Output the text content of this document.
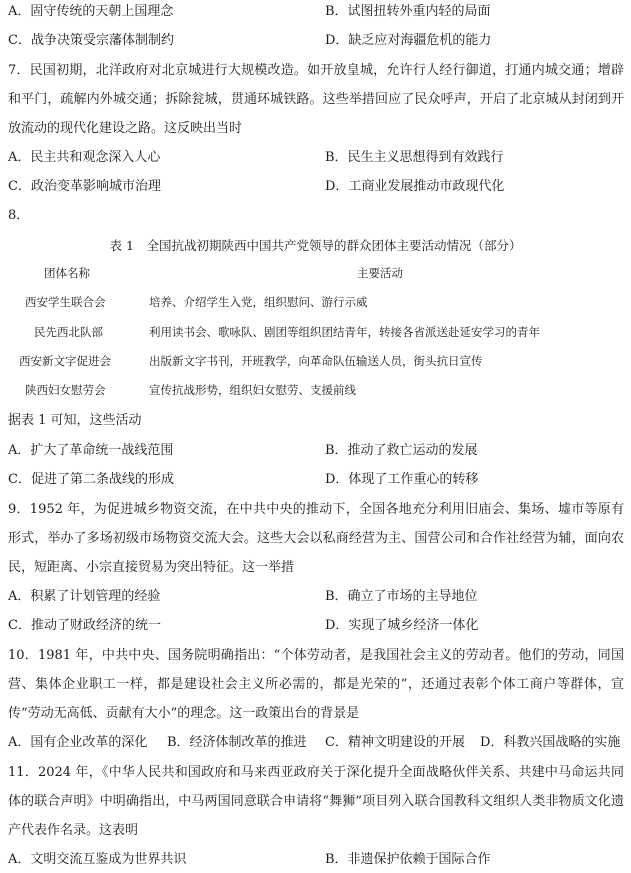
A．固守传统的天朝上国理念	B．试图扭转外重内轻的局面
C．战争决策受宗藩体制制约	D．缺乏应对海疆危机的能力
7．民国初期，北洋政府对北京城进行大规模改造。如开放皇城，允许行人经行御道，打通内城交通；增辟和平门，疏解内外城交通；拆除瓮城，贯通环城铁路。这些举措回应了民众呼声，开启了北京城从封闭到开放流动的现代化建设之路。这反映出当时
A．民主共和观念深入人心	B．民生主义思想得到有效践行
C．政治变革影响城市治理	D．工商业发展推动市政现代化
8．
表 1　全国抗战初期陕西中国共产党领导的群众团体主要活动情况（部分）
团体名称	主要活动
西安学生联合会	培养、介绍学生入党，组织慰问、游行示威
民先西北队部	利用读书会、歌咏队、剧团等组织团结青年，转接各省派送赴延安学习的青年
西安新文字促进会	出版新文字书刊，开班教学，向革命队伍输送人员，街头抗日宣传
陕西妇女慰劳会	宣传抗战形势，组织妇女慰劳、支援前线
据表 1 可知，这些活动
A．扩大了革命统一战线范围	B．推动了救亡运动的发展
C．促进了第二条战线的形成	D．体现了工作重心的转移
9．1952 年，为促进城乡物资交流，在中共中央的推动下，全国各地充分利用旧庙会、集场、墟市等原有形式，举办了多场初级市场物资交流大会。这些大会以私商经营为主、国营公司和合作社经营为辅，面向农民，短距离、小宗直接贸易为突出特征。这一举措
A．积累了计划管理的经验	B．确立了市场的主导地位
C．推动了财政经济的统一	D．实现了城乡经济一体化
10．1981 年，中共中央、国务院明确指出：“个体劳动者，是我国社会主义的劳动者。他们的劳动，同国营、集体企业职工一样，都是建设社会主义所必需的，都是光荣的”，还通过表彰个体工商户等群体，宣传“劳动无高低、贡献有大小”的理念。这一政策出台的背景是
A．国有企业改革的深化 B．经济体制改革的推进 C．精神文明建设的开展 D．科教兴国战略的实施
11．2024 年，《中华人民共和国政府和马来西亚政府关于深化提升全面战略伙伴关系、共建中马命运共同体的联合声明》中明确指出，中马两国同意联合申请将“舞狮”项目列入联合国教科文组织人类非物质文化遗产代表作名录。这表明
A．文明交流互鉴成为世界共识	B．非遗保护依赖于国际合作
